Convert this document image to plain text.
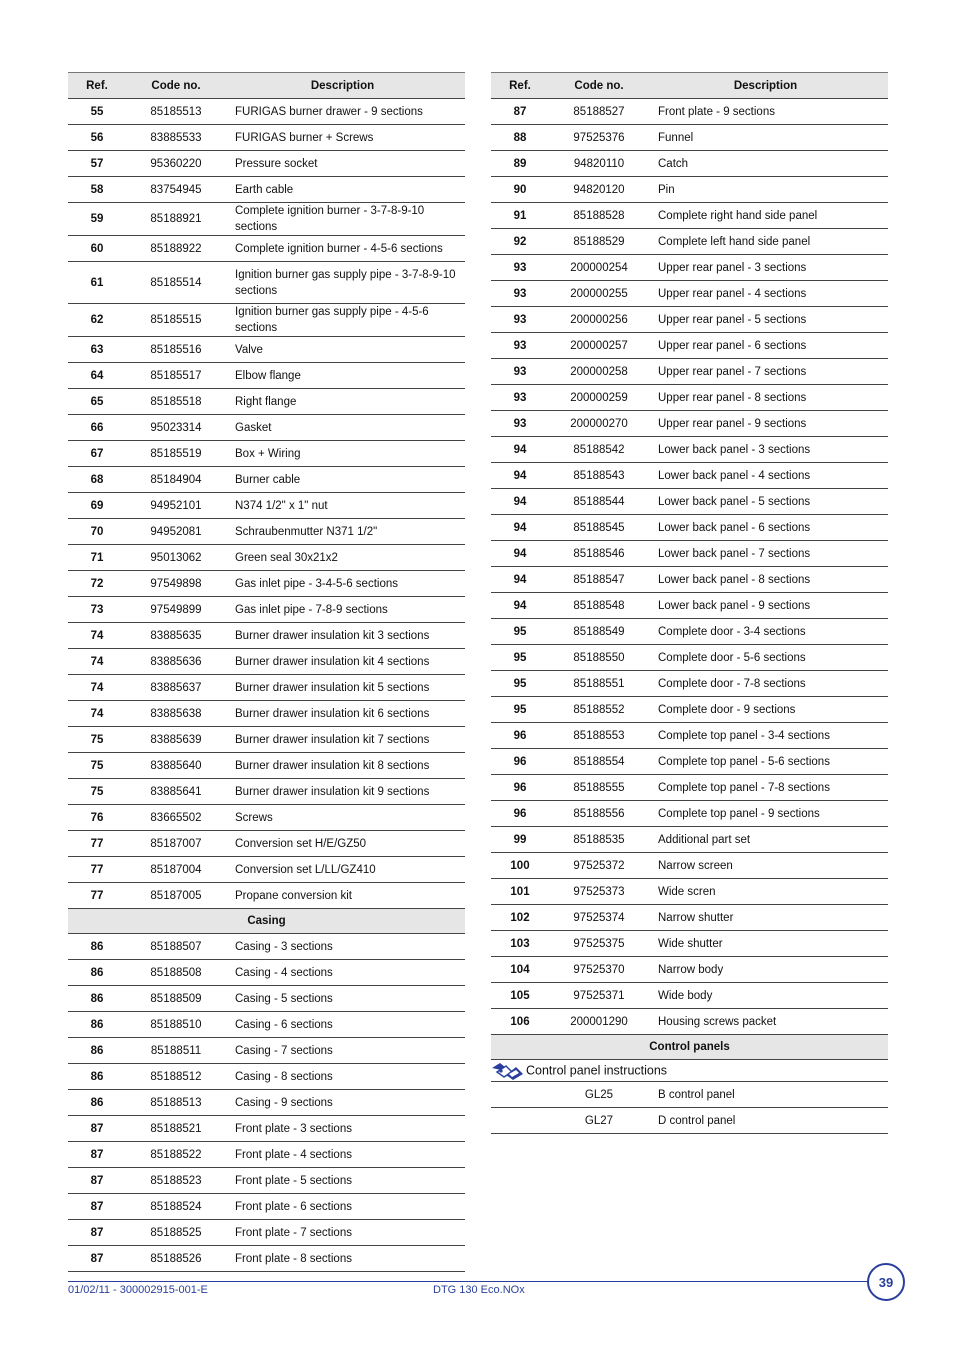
Ref.	Code no.	Description
55	85185513	FURIGAS burner drawer - 9 sections
56	83885533	FURIGAS burner + Screws
57	95360220	Pressure socket
58	83754945	Earth cable
59	85188921	Complete ignition burner - 3-7-8-9-10 sections
60	85188922	Complete ignition burner - 4-5-6 sections
61	85185514	Ignition burner gas supply pipe - 3-7-8-9-10 sections
62	85185515	Ignition burner gas supply pipe - 4-5-6 sections
63	85185516	Valve
64	85185517	Elbow flange
65	85185518	Right flange
66	95023314	Gasket
67	85185519	Box + Wiring
68	85184904	Burner cable
69	94952101	N374 1/2" x 1" nut
70	94952081	Schraubenmutter N371 1/2"
71	95013062	Green seal 30x21x2
72	97549898	Gas inlet pipe - 3-4-5-6 sections
73	97549899	Gas inlet pipe - 7-8-9 sections
74	83885635	Burner drawer insulation kit 3 sections
74	83885636	Burner drawer insulation kit 4 sections
74	83885637	Burner drawer insulation kit 5 sections
74	83885638	Burner drawer insulation kit 6 sections
75	83885639	Burner drawer insulation kit 7 sections
75	83885640	Burner drawer insulation kit 8 sections
75	83885641	Burner drawer insulation kit 9 sections
76	83665502	Screws
77	85187007	Conversion set H/E/GZ50
77	85187004	Conversion set L/LL/GZ410
77	85187005	Propane conversion kit
Casing		
86	85188507	Casing - 3 sections
86	85188508	Casing - 4 sections
86	85188509	Casing - 5 sections
86	85188510	Casing - 6 sections
86	85188511	Casing - 7 sections
86	85188512	Casing - 8 sections
86	85188513	Casing - 9 sections
87	85188521	Front plate - 3 sections
87	85188522	Front plate - 4 sections
87	85188523	Front plate - 5 sections
87	85188524	Front plate - 6 sections
87	85188525	Front plate - 7 sections
87	85188526	Front plate - 8 sections
Ref.	Code no.	Description
87	85188527	Front plate - 9 sections
88	97525376	Funnel
89	94820110	Catch
90	94820120	Pin
91	85188528	Complete right hand side panel
92	85188529	Complete left hand side panel
93	200000254	Upper rear panel - 3 sections
93	200000255	Upper rear panel - 4 sections
93	200000256	Upper rear panel - 5 sections
93	200000257	Upper rear panel - 6 sections
93	200000258	Upper rear panel - 7 sections
93	200000259	Upper rear panel - 8 sections
93	200000270	Upper rear panel - 9 sections
94	85188542	Lower back panel - 3 sections
94	85188543	Lower back panel - 4 sections
94	85188544	Lower back panel - 5 sections
94	85188545	Lower back panel - 6 sections
94	85188546	Lower back panel - 7 sections
94	85188547	Lower back panel - 8 sections
94	85188548	Lower back panel - 9 sections
95	85188549	Complete door - 3-4 sections
95	85188550	Complete door - 5-6 sections
95	85188551	Complete door - 7-8 sections
95	85188552	Complete door - 9 sections
96	85188553	Complete top panel - 3-4 sections
96	85188554	Complete top panel - 5-6 sections
96	85188555	Complete top panel - 7-8 sections
96	85188556	Complete top panel - 9 sections
99	85188535	Additional part set
100	97525372	Narrow screen
101	97525373	Wide scren
102	97525374	Narrow shutter
103	97525375	Wide shutter
104	97525370	Narrow body
105	97525371	Wide body
106	200001290	Housing screws packet
Control panels		

Control panel instructions		
	GL25	B control panel
	GL27	D control panel
01/02/11 - 300002915-001-E	DTG 130 Eco.NOx
39
